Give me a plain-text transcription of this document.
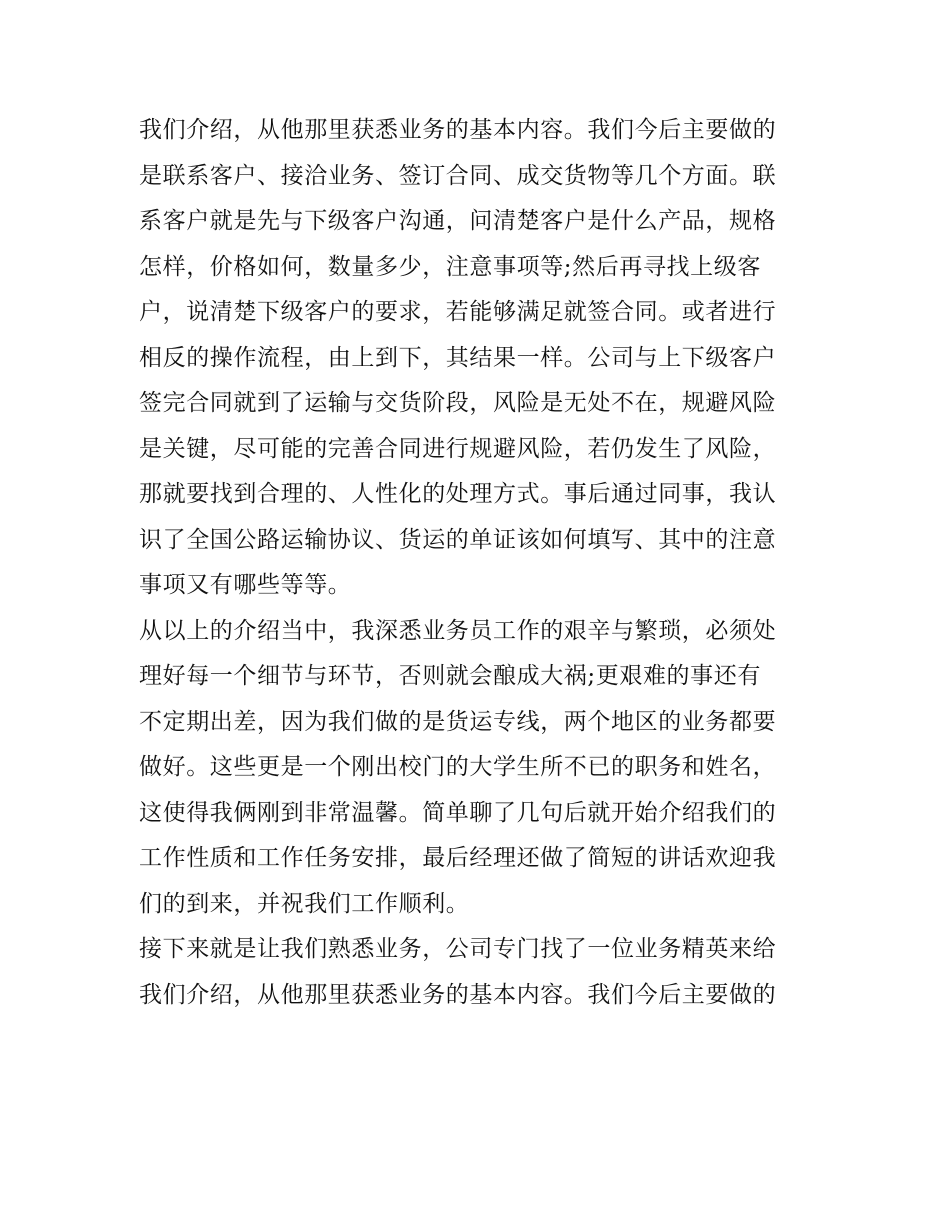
我们介绍，从他那里获悉业务的基本内容。我们今后主要做的
是联系客户、接洽业务、签订合同、成交货物等几个方面。联
系客户就是先与下级客户沟通，问清楚客户是什么产品，规格
怎样，价格如何，数量多少，注意事项等;然后再寻找上级客
户，说清楚下级客户的要求，若能够满足就签合同。或者进行
相反的操作流程，由上到下，其结果一样。公司与上下级客户
签完合同就到了运输与交货阶段，风险是无处不在，规避风险
是关键，尽可能的完善合同进行规避风险，若仍发生了风险，
那就要找到合理的、人性化的处理方式。事后通过同事，我认
识了全国公路运输协议、货运的单证该如何填写、其中的注意
事项又有哪些等等。
从以上的介绍当中，我深悉业务员工作的艰辛与繁琐，必须处
理好每一个细节与环节，否则就会酿成大祸;更艰难的事还有
不定期出差，因为我们做的是货运专线，两个地区的业务都要
做好。这些更是一个刚出校门的大学生所不已的职务和姓名，
这使得我俩刚到非常温馨。简单聊了几句后就开始介绍我们的
工作性质和工作任务安排，最后经理还做了简短的讲话欢迎我
们的到来，并祝我们工作顺利。
接下来就是让我们熟悉业务，公司专门找了一位业务精英来给
我们介绍，从他那里获悉业务的基本内容。我们今后主要做的
